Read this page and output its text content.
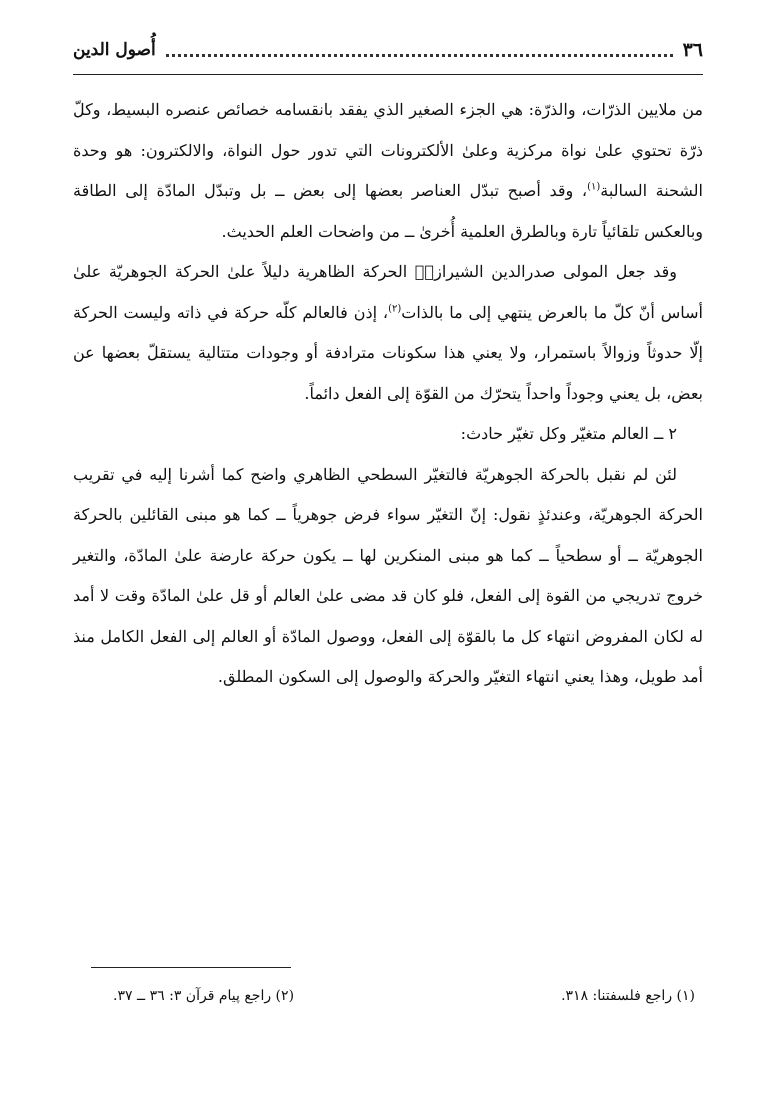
٣٦
أُصول الدين

من ملايين الذرّات، والذرّة: هي الجزء الصغير الذي يفقد بانقسامه خصائص عنصره البسيط، وكلّ ذرّة تحتوي علىٰ نواة مركزية وعلىٰ الألكترونات التي تدور حول النواة، والالكترون: هو وحدة الشحنة السالبة$^{(١)}$، وقد أصبح تبدّل العناصر بعضها إلى بعض ــ بل وتبدّل المادّة إلى الطاقة وبالعكس تلقائياً تارة وبالطرق العلمية أُخرىٰ ــ من واضحات العلم الحديث.

وقد جعل المولى صدرالدين الشيرازيؒ الحركة الظاهرية دليلاً علىٰ الحركة الجوهريّة علىٰ أساس أنّ كلّ ما بالعرض ينتهي إلى ما بالذات$^{(٢)}$، إذن فالعالم كلّه حركة في ذاته وليست الحركة إلّا حدوثاً وزوالاً باستمرار، ولا يعني هذا سكونات مترادفة أو وجودات متتالية يستقلّ بعضها عن بعض، بل يعني وجوداً واحداً يتحرّك من القوّة إلى الفعل دائماً.

٢ ــ العالم متغيّر وكل تغيّر حادث:

لئن لم نقبل بالحركة الجوهريّة فالتغيّر السطحي الظاهري واضح كما أشرنا إليه في تقريب الحركة الجوهريّة، وعندئذٍ نقول: إنّ التغيّر سواء فرض جوهرياً ــ كما هو مبنى القائلين بالحركة الجوهريّة ــ أو سطحياً ــ كما هو مبنى المنكرين لها ــ يكون حركة عارضة علىٰ المادّة، والتغير خروج تدريجي من القوة إلى الفعل، فلو كان قد مضى علىٰ العالم أو قل علىٰ المادّة وقت لا أمد له لكان المفروض انتهاء كل ما بالقوّة إلى الفعل، ووصول المادّة أو العالم إلى الفعل الكامل منذ أمد طويل، وهذا يعني انتهاء التغيّر والحركة والوصول إلى السكون المطلق.

(١) راجع فلسفتنا: ٣١٨.
(٢) راجع پيام قرآن ٣: ٣٦ ــ ٣٧.
